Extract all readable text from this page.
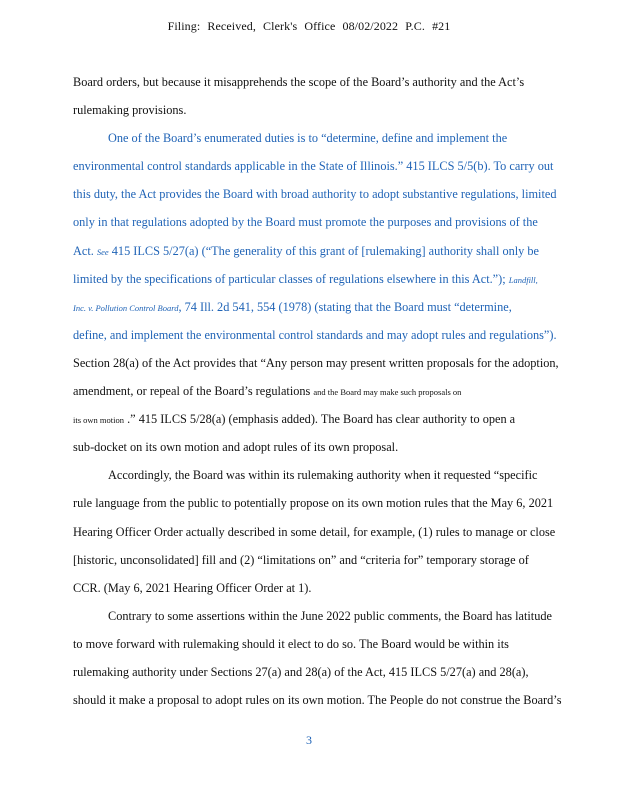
Filing: Received, Clerk's Office 08/02/2022 P.C. #21
Board orders, but because it misapprehends the scope of the Board’s authority and the Act’s
rulemaking provisions.
One of the Board’s enumerated duties is to “determine, define and implement the
environmental control standards applicable in the State of Illinois.” 415 ILCS 5/5(b). To carry out
this duty, the Act provides the Board with broad authority to adopt substantive regulations, limited
only in that regulations adopted by the Board must promote the purposes and provisions of the
Act. See 415 ILCS 5/27(a) (“The generality of this grant of [rulemaking] authority shall only be
limited by the specifications of particular classes of regulations elsewhere in this Act.”); Landfill,
Inc. v. Pollution Control Board, 74 Ill. 2d 541, 554 (1978) (stating that the Board must “determine,
define, and implement the environmental control standards and may adopt rules and regulations”).
Section 28(a) of the Act provides that “Any person may present written proposals for the adoption,
amendment, or repeal of the Board’s regulations and the Board may make such proposals on
its own motion .” 415 ILCS 5/28(a) (emphasis added). The Board has clear authority to open a
sub-docket on its own motion and adopt rules of its own proposal.
Accordingly, the Board was within its rulemaking authority when it requested “specific
rule language from the public to potentially propose on its own motion rules that the May 6, 2021
Hearing Officer Order actually described in some detail, for example, (1) rules to manage or close
[historic, unconsolidated] fill and (2) “limitations on” and “criteria for” temporary storage of
CCR. (May 6, 2021 Hearing Officer Order at 1).
Contrary to some assertions within the June 2022 public comments, the Board has latitude
to move forward with rulemaking should it elect to do so. The Board would be within its
rulemaking authority under Sections 27(a) and 28(a) of the Act, 415 ILCS 5/27(a) and 28(a),
should it make a proposal to adopt rules on its own motion. The People do not construe the Board’s
3
